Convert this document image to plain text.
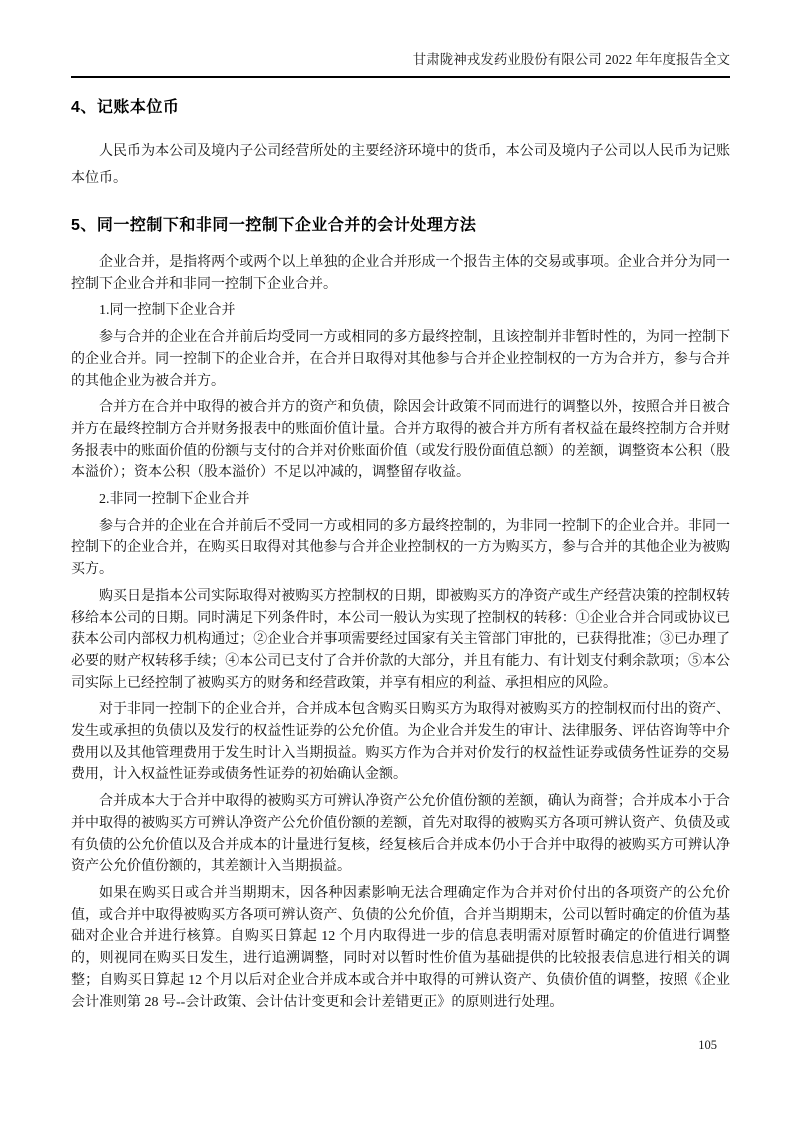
甘肃陇神戎发药业股份有限公司 2022 年年度报告全文
4、记账本位币

人民币为本公司及境内子公司经营所处的主要经济环境中的货币，本公司及境内子公司以人民币为记账本位币。

5、同一控制下和非同一控制下企业合并的会计处理方法

企业合并，是指将两个或两个以上单独的企业合并形成一个报告主体的交易或事项。企业合并分为同一控制下企业合并和非同一控制下企业合并。

1.同一控制下企业合并

参与合并的企业在合并前后均受同一方或相同的多方最终控制，且该控制并非暂时性的，为同一控制下的企业合并。同一控制下的企业合并，在合并日取得对其他参与合并企业控制权的一方为合并方，参与合并的其他企业为被合并方。

合并方在合并中取得的被合并方的资产和负债，除因会计政策不同而进行的调整以外，按照合并日被合并方在最终控制方合并财务报表中的账面价值计量。合并方取得的被合并方所有者权益在最终控制方合并财务报表中的账面价值的份额与支付的合并对价账面价值（或发行股份面值总额）的差额，调整资本公积（股本溢价）；资本公积（股本溢价）不足以冲减的，调整留存收益。

2.非同一控制下企业合并

参与合并的企业在合并前后不受同一方或相同的多方最终控制的，为非同一控制下的企业合并。非同一控制下的企业合并，在购买日取得对其他参与合并企业控制权的一方为购买方，参与合并的其他企业为被购买方。

购买日是指本公司实际取得对被购买方控制权的日期，即被购买方的净资产或生产经营决策的控制权转移给本公司的日期。同时满足下列条件时，本公司一般认为实现了控制权的转移：①企业合并合同或协议已获本公司内部权力机构通过；②企业合并事项需要经过国家有关主管部门审批的，已获得批准；③已办理了必要的财产权转移手续；④本公司已支付了合并价款的大部分，并且有能力、有计划支付剩余款项；⑤本公司实际上已经控制了被购买方的财务和经营政策，并享有相应的利益、承担相应的风险。

对于非同一控制下的企业合并，合并成本包含购买日购买方为取得对被购买方的控制权而付出的资产、发生或承担的负债以及发行的权益性证券的公允价值。为企业合并发生的审计、法律服务、评估咨询等中介费用以及其他管理费用于发生时计入当期损益。购买方作为合并对价发行的权益性证券或债务性证券的交易费用，计入权益性证券或债务性证券的初始确认金额。

合并成本大于合并中取得的被购买方可辨认净资产公允价值份额的差额，确认为商誉；合并成本小于合并中取得的被购买方可辨认净资产公允价值份额的差额，首先对取得的被购买方各项可辨认资产、负债及或有负债的公允价值以及合并成本的计量进行复核，经复核后合并成本仍小于合并中取得的被购买方可辨认净资产公允价值份额的，其差额计入当期损益。

如果在购买日或合并当期期末，因各种因素影响无法合理确定作为合并对价付出的各项资产的公允价值，或合并中取得被购买方各项可辨认资产、负债的公允价值，合并当期期末，公司以暂时确定的价值为基础对企业合并进行核算。自购买日算起 12 个月内取得进一步的信息表明需对原暂时确定的价值进行调整的，则视同在购买日发生，进行追溯调整，同时对以暂时性价值为基础提供的比较报表信息进行相关的调整；自购买日算起 12 个月以后对企业合并成本或合并中取得的可辨认资产、负债价值的调整，按照《企业会计准则第 28 号--会计政策、会计估计变更和会计差错更正》的原则进行处理。

105
